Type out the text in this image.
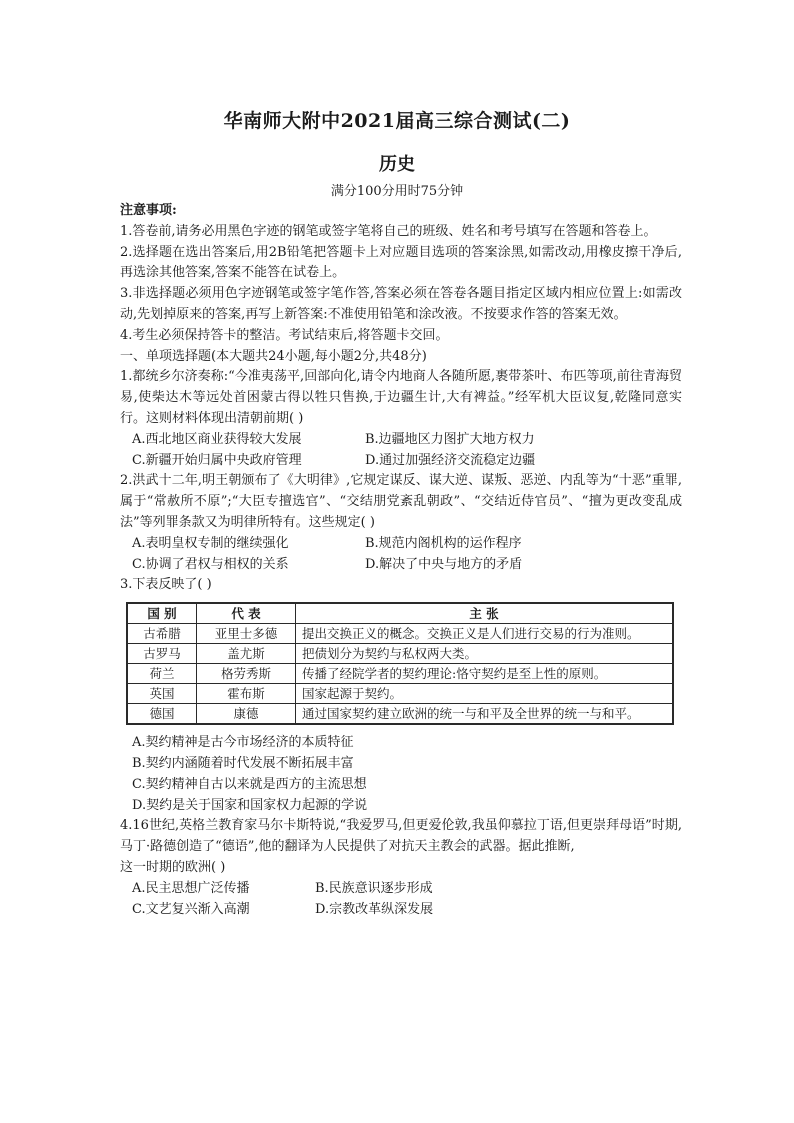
华南师大附中2021届高三综合测试(二)
历史
满分100分用时75分钟

注意事项:

1.答卷前,请务必用黑色字迹的钢笔或签字笔将自己的班级、姓名和考号填写在答题和答卷上。

2.选择题在选出答案后,用2B铅笔把答题卡上对应题目选项的答案涂黑,如需改动,用橡皮擦干净后,再选涂其他答案,答案不能答在试卷上。

3.非选择题必须用色字迹钢笔或签字笔作答,答案必须在答卷各题目指定区域内相应位置上:如需改动,先划掉原来的答案,再写上新答案:不准使用铅笔和涂改液。不按要求作答的答案无效。

4.考生必须保持答卡的整洁。考试结束后,将答题卡交回。

一、单项选择题(本大题共24小题,每小题2分,共48分)

1.都统乡尔济奏称:“今准夷荡平,回部向化,请令内地商人各随所愿,裹带茶叶、布匹等项,前往青海贸易,使柴达木等远处首困蒙古得以牲只售换,于边疆生计,大有裨益。”经军机大臣议复,乾隆同意实行。这则材料体现出清朝前期( )

A.西北地区商业获得较大发展	B.边疆地区力图扩大地方权力

C.新疆开始归属中央政府管理	D.通过加强经济交流稳定边疆

2.洪武十二年,明王朝颁布了《大明律》,它规定谋反、谋大逆、谋叛、恶逆、内乱等为“十恶”重罪,属于“常赦所不原”;“大臣专擅选官”、“交结朋党紊乱朝政”、“交结近侍官员”、“擅为更改变乱成法”等列罪条款又为明律所特有。这些规定( )

A.表明皇权专制的继续强化	B.规范内阁机构的运作程序

C.协调了君权与相权的关系	D.解决了中央与地方的矛盾

3.下表反映了( )

国 别	代 表	主 张
古希腊	亚里士多德	提出交换正义的概念。交换正义是人们进行交易的行为准则。
古罗马	盖尤斯	把债划分为契约与私权两大类。
荷兰	格劳秀斯	传播了经院学者的契约理论:恪守契约是至上性的原则。
英国	霍布斯	国家起源于契约。
德国	康德	通过国家契约建立欧洲的统一与和平及全世界的统一与和平。

A.契约精神是古今市场经济的本质特征

B.契约内涵随着时代发展不断拓展丰富

C.契约精神自古以来就是西方的主流思想

D.契约是关于国家和国家权力起源的学说

4.16世纪,英格兰教育家马尔卡斯特说,“我爱罗马,但更爱伦敦,我虽仰慕拉丁语,但更崇拜母语”时期,马丁·路德创造了“德语”,他的翻译为人民提供了对抗天主教会的武器。据此推断,

这一时期的欧洲( )

A.民主思想广泛传播	B.民族意识逐步形成

C.文艺复兴渐入高潮	D.宗教改革纵深发展
